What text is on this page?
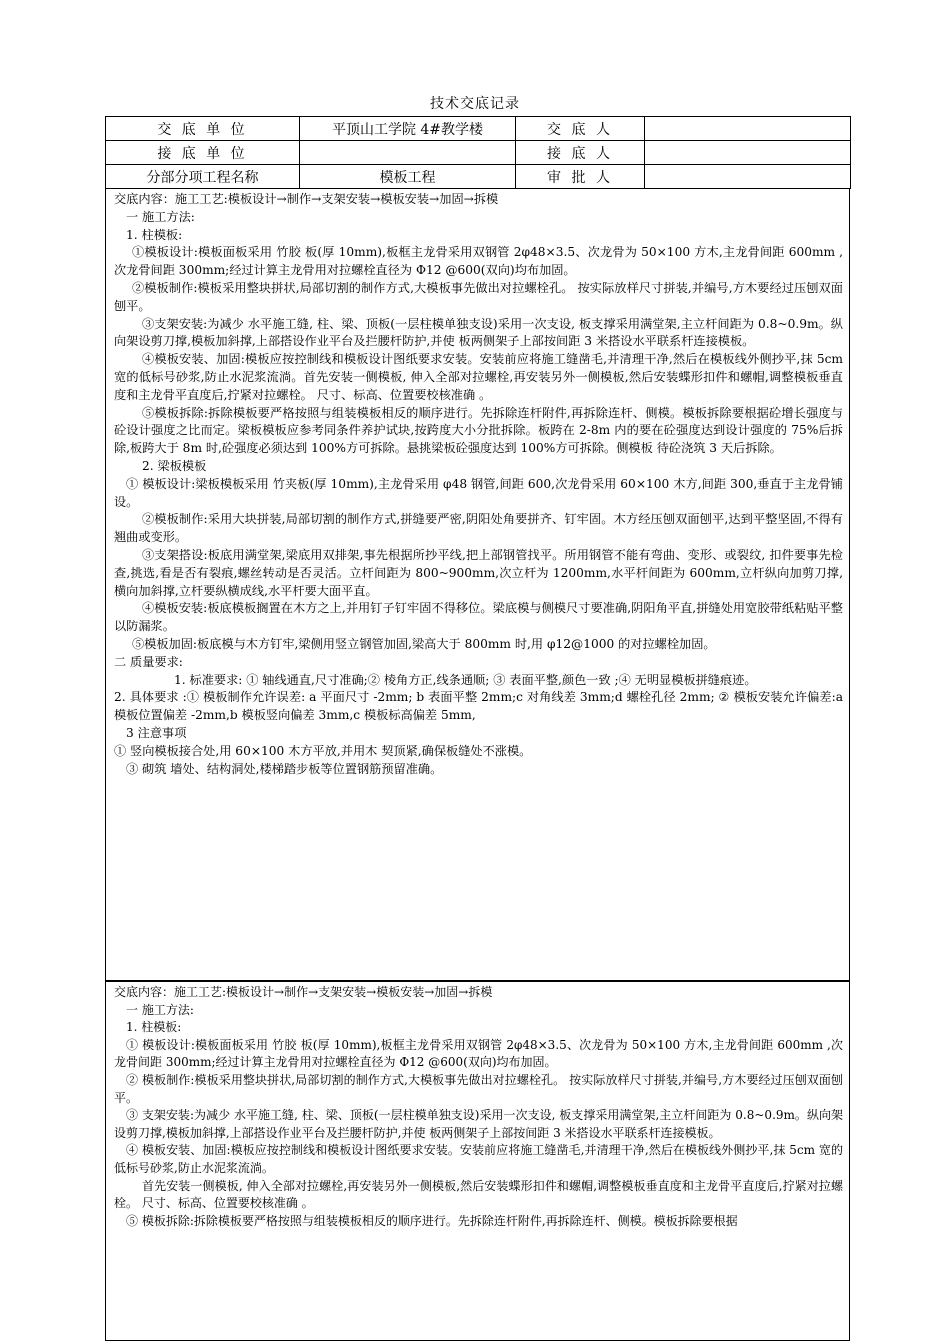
技术交底记录
交 底 单 位	平顶山工学院 4#教学楼	交 底 人	
接 底 单 位		接 底 人	
分部分项工程名称	模板工程	审 批 人	

交底内容：施工工艺:模板设计→制作→支架安装→模板安装→加固→拆模

一 施工方法:

1. 柱模板:

①模板设计:模板面板采用 竹胶 板(厚 10mm),板框主龙骨采用双钢管 2φ48×3.5、次龙骨为 50×100 方木,主龙骨间距 600mm ,次龙骨间距 300mm;经过计算主龙骨用对拉螺栓直径为 Φ12 @600(双向)均布加固。

②模板制作:模板采用整块拼状,局部切割的制作方式,大模板事先做出对拉螺栓孔。 按实际放样尺寸拼装,并编号,方木要经过压刨双面刨平。

③支架安装:为减少 水平施工缝, 柱、梁、顶板(一层柱模单独支设)采用一次支设, 板支撑采用满堂架,主立杆间距为 0.8~0.9m。纵向架设剪刀撑,模板加斜撑,上部搭设作业平台及拦腰杆防护,并使 板两侧架子上部按间距 3 米搭设水平联系杆连接模板。

④模板安装、加固:模板应按控制线和模板设计图纸要求安装。安装前应将施工缝凿毛,并清理干净,然后在模板线外侧抄平,抹 5cm 宽的低标号砂浆,防止水泥浆流淌。首先安装一侧模板, 伸入全部对拉螺栓,再安装另外一侧模板,然后安装蝶形扣件和螺帽,调整模板垂直度和主龙骨平直度后,拧紧对拉螺栓。 尺寸、标高、位置要校核准确 。

⑤模板拆除:拆除模板要严格按照与组装模板相反的顺序进行。先拆除连杆附件,再拆除连杆、侧模。模板拆除要根据砼增长强度与砼设计强度之比而定。梁板模板应参考同条件养护试块,按跨度大小分批拆除。板跨在 2-8m 内的要在砼强度达到设计强度的 75%后拆除,板跨大于 8m 时,砼强度必须达到 100%方可拆除。悬挑梁板砼强度达到 100%方可拆除。侧模板 待砼浇筑 3 天后拆除。

2. 梁板模板

① 模板设计:梁板模板采用 竹夹板(厚 10mm),主龙骨采用 φ48 钢管,间距 600,次龙骨采用 60×100 木方,间距 300,垂直于主龙骨铺设。

②模板制作:采用大块拼装,局部切割的制作方式,拼缝要严密,阴阳处角要拼齐、钉牢固。木方经压刨双面刨平,达到平整坚固,不得有翘曲或变形。

③支架搭设:板底用满堂架,梁底用双排架,事先根据所抄平线,把上部钢管找平。所用钢管不能有弯曲、变形、或裂纹, 扣件要事先检查,挑选,看是否有裂痕,螺丝转动是否灵活。立杆间距为 800~900mm,次立杆为 1200mm,水平杆间距为 600mm,立杆纵向加剪刀撑,横向加斜撑,立杆要纵横成线,水平杆要大面平直。

④模板安装:板底模板搁置在木方之上,并用钉子钉牢固不得移位。梁底模与侧模尺寸要准确,阴阳角平直,拼缝处用宽胶带纸粘贴平整以防漏浆。

⑤模板加固:板底模与木方钉牢,梁侧用竖立钢管加固,梁高大于 800mm 时,用 φ12@1000 的对拉螺栓加固。

二 质量要求:

1. 标准要求: ① 轴线通直,尺寸准确;② 棱角方正,线条通顺; ③ 表面平整,颜色一致 ;④ 无明显模板拼缝痕迹。

2. 具体要求 :① 模板制作允许误差: a 平面尺寸 -2mm; b 表面平整 2mm;c 对角线差 3mm;d 螺栓孔径 2mm; ② 模板安装允许偏差:a 模板位置偏差 -2mm,b 模板竖向偏差 3mm,c 模板标高偏差 5mm,

3 注意事项

① 竖向模板接合处,用 60×100 木方平放,并用木 契顶紧,确保板缝处不涨模。

③ 砌筑 墙处、结构洞处,楼梯踏步板等位置钢筋预留准确。

交底内容：施工工艺:模板设计→制作→支架安装→模板安装→加固→拆模

一 施工方法:

1. 柱模板:

① 模板设计:模板面板采用 竹胶 板(厚 10mm),板框主龙骨采用双钢管 2φ48×3.5、次龙骨为 50×100 方木,主龙骨间距 600mm ,次龙骨间距 300mm;经过计算主龙骨用对拉螺栓直径为 Φ12 @600(双向)均布加固。

② 模板制作:模板采用整块拼状,局部切割的制作方式,大模板事先做出对拉螺栓孔。 按实际放样尺寸拼装,并编号,方木要经过压刨双面刨平。

③ 支架安装:为减少 水平施工缝, 柱、梁、顶板(一层柱模单独支设)采用一次支设, 板支撑采用满堂架,主立杆间距为 0.8~0.9m。纵向架设剪刀撑,模板加斜撑,上部搭设作业平台及拦腰杆防护,并使 板两侧架子上部按间距 3 米搭设水平联系杆连接模板。

④ 模板安装、加固:模板应按控制线和模板设计图纸要求安装。安装前应将施工缝凿毛,并清理干净,然后在模板线外侧抄平,抹 5cm 宽的低标号砂浆,防止水泥浆流淌。

首先安装一侧模板, 伸入全部对拉螺栓,再安装另外一侧模板,然后安装蝶形扣件和螺帽,调整模板垂直度和主龙骨平直度后,拧紧对拉螺栓。 尺寸、标高、位置要校核准确 。

⑤ 模板拆除:拆除模板要严格按照与组装模板相反的顺序进行。先拆除连杆附件,再拆除连杆、侧模。模板拆除要根据
